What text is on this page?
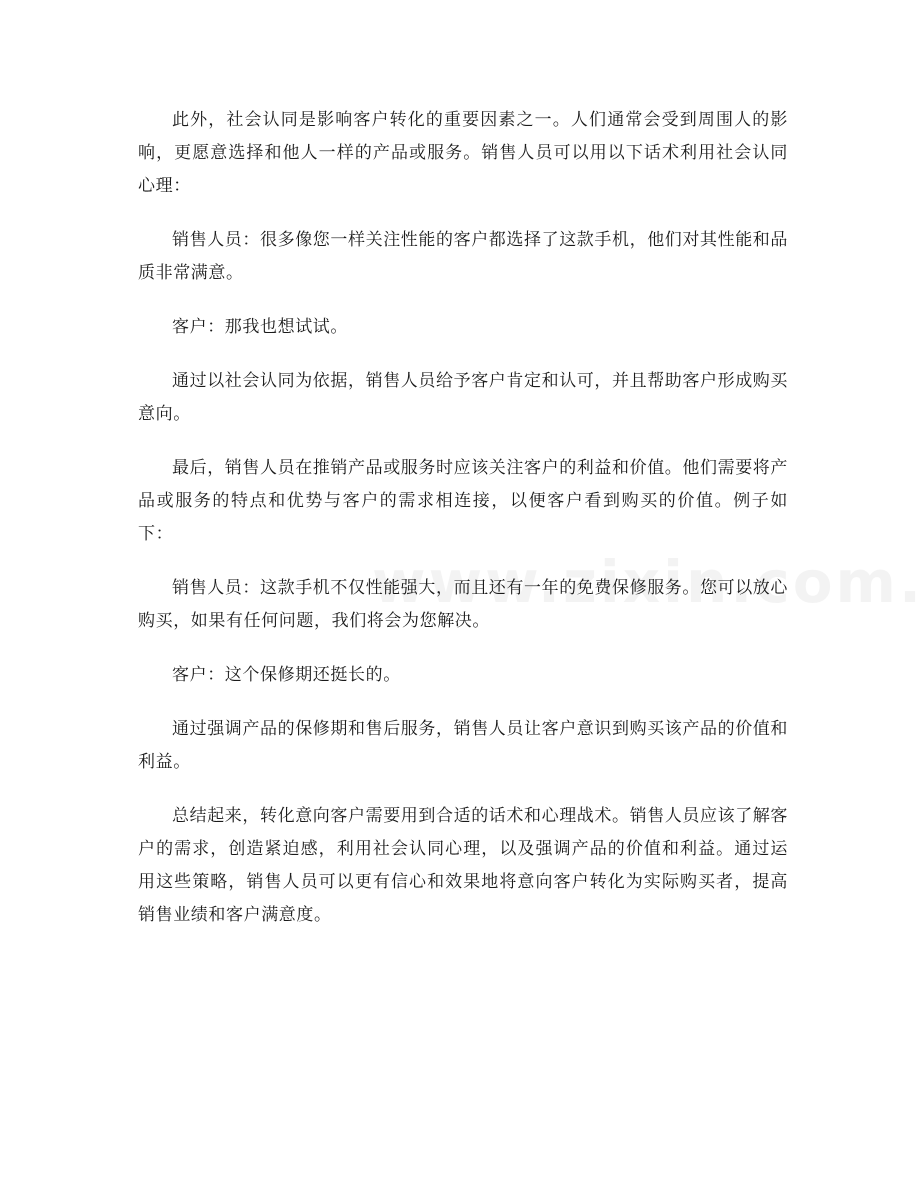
此外，社会认同是影响客户转化的重要因素之一。人们通常会受到周围人的影响，更愿意选择和他人一样的产品或服务。销售人员可以用以下话术利用社会认同心理：

销售人员：很多像您一样关注性能的客户都选择了这款手机，他们对其性能和品质非常满意。

客户：那我也想试试。

通过以社会认同为依据，销售人员给予客户肯定和认可，并且帮助客户形成购买意向。

最后，销售人员在推销产品或服务时应该关注客户的利益和价值。他们需要将产品或服务的特点和优势与客户的需求相连接，以便客户看到购买的价值。例子如下：

销售人员：这款手机不仅性能强大，而且还有一年的免费保修服务。您可以放心购买，如果有任何问题，我们将会为您解决。

客户：这个保修期还挺长的。

通过强调产品的保修期和售后服务，销售人员让客户意识到购买该产品的价值和利益。

总结起来，转化意向客户需要用到合适的话术和心理战术。销售人员应该了解客户的需求，创造紧迫感，利用社会认同心理，以及强调产品的价值和利益。通过运用这些策略，销售人员可以更有信心和效果地将意向客户转化为实际购买者，提高销售业绩和客户满意度。
